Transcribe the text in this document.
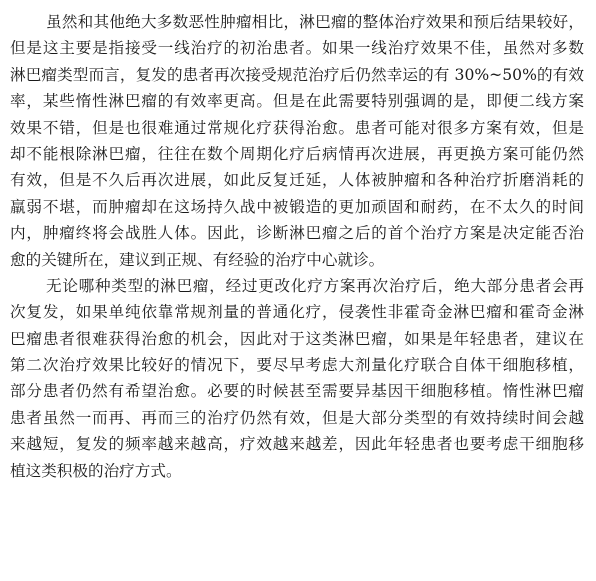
虽然和其他绝大多数恶性肿瘤相比，淋巴瘤的整体治疗效果和预后结果较好，
但是这主要是指接受一线治疗的初治患者。如果一线治疗效果不佳，虽然对多数
淋巴瘤类型而言，复发的患者再次接受规范治疗后仍然幸运的有 30%~50%的有效
率，某些惰性淋巴瘤的有效率更高。但是在此需要特别强调的是，即便二线方案
效果不错，但是也很难通过常规化疗获得治愈。患者可能对很多方案有效，但是
却不能根除淋巴瘤，往往在数个周期化疗后病情再次进展，再更换方案可能仍然
有效，但是不久后再次进展，如此反复迁延，人体被肿瘤和各种治疗折磨消耗的
羸弱不堪，而肿瘤却在这场持久战中被锻造的更加顽固和耐药，在不太久的时间
内，肿瘤终将会战胜人体。因此，诊断淋巴瘤之后的首个治疗方案是决定能否治
愈的关键所在，建议到正规、有经验的治疗中心就诊。
无论哪种类型的淋巴瘤，经过更改化疗方案再次治疗后，绝大部分患者会再
次复发，如果单纯依靠常规剂量的普通化疗，侵袭性非霍奇金淋巴瘤和霍奇金淋
巴瘤患者很难获得治愈的机会，因此对于这类淋巴瘤，如果是年轻患者，建议在
第二次治疗效果比较好的情况下，要尽早考虑大剂量化疗联合自体干细胞移植，
部分患者仍然有希望治愈。必要的时候甚至需要异基因干细胞移植。惰性淋巴瘤
患者虽然一而再、再而三的治疗仍然有效，但是大部分类型的有效持续时间会越
来越短，复发的频率越来越高，疗效越来越差，因此年轻患者也要考虑干细胞移
植这类积极的治疗方式。
